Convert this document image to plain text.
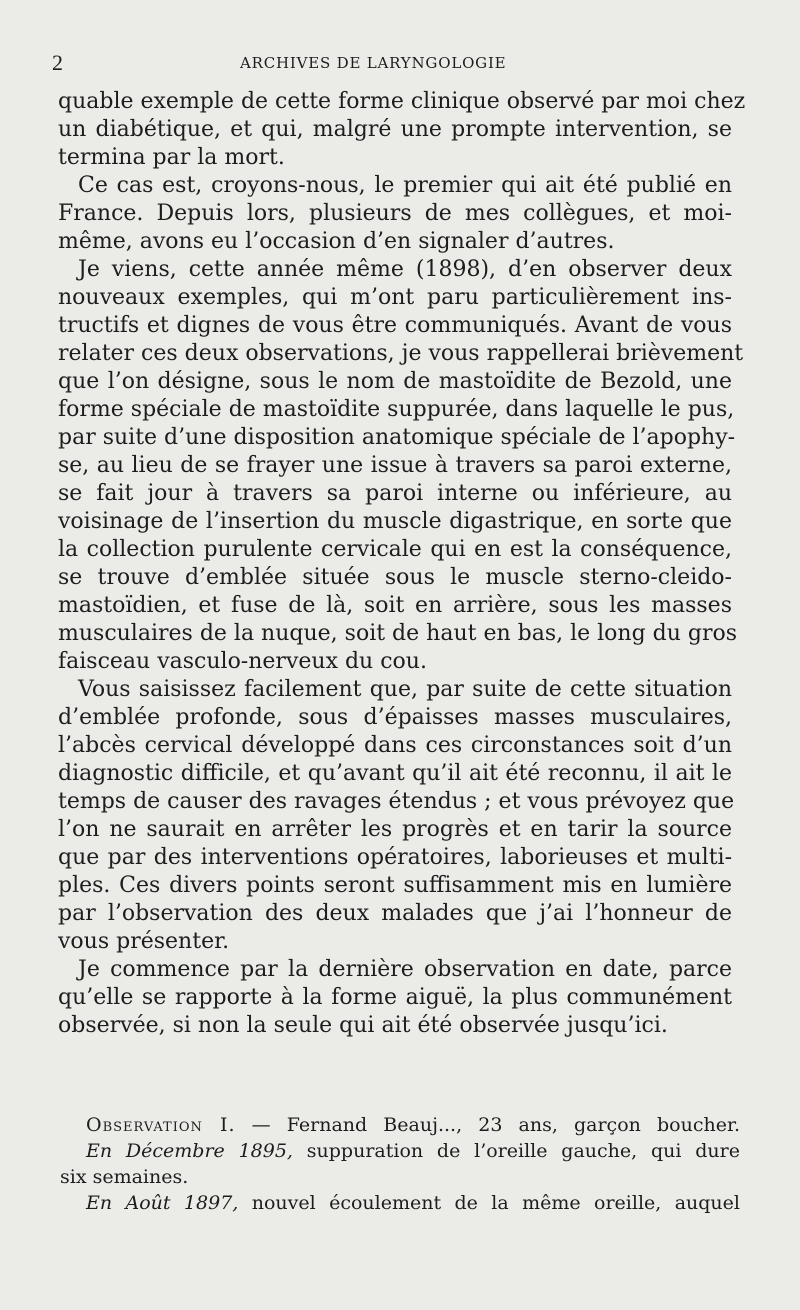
2	ARCHIVES DE LARYNGOLOGIE
quable exemple de cette forme clinique observé par moi chez
un diabétique, et qui, malgré une prompte intervention, se
termina par la mort.
Ce cas est, croyons-nous, le premier qui ait été publié en
France. Depuis lors, plusieurs de mes collègues, et moi-
même, avons eu l’occasion d’en signaler d’autres.
Je viens, cette année même (1898), d’en observer deux
nouveaux exemples, qui m’ont paru particulièrement ins-
tructifs et dignes de vous être communiqués. Avant de vous
relater ces deux observations, je vous rappellerai brièvement
que l’on désigne, sous le nom de mastoïdite de Bezold, une
forme spéciale de mastoïdite suppurée, dans laquelle le pus,
par suite d’une disposition anatomique spéciale de l’apophy-
se, au lieu de se frayer une issue à travers sa paroi externe,
se fait jour à travers sa paroi interne ou inférieure, au
voisinage de l’insertion du muscle digastrique, en sorte que
la collection purulente cervicale qui en est la conséquence,
se trouve d’emblée située sous le muscle sterno-cleido-
mastoïdien, et fuse de là, soit en arrière, sous les masses
musculaires de la nuque, soit de haut en bas, le long du gros
faisceau vasculo-nerveux du cou.
Vous saisissez facilement que, par suite de cette situation
d’emblée profonde, sous d’épaisses masses musculaires,
l’abcès cervical développé dans ces circonstances soit d’un
diagnostic difficile, et qu’avant qu’il ait été reconnu, il ait le
temps de causer des ravages étendus ; et vous prévoyez que
l’on ne saurait en arrêter les progrès et en tarir la source
que par des interventions opératoires, laborieuses et multi-
ples. Ces divers points seront suffisamment mis en lumière
par l’observation des deux malades que j’ai l’honneur de
vous présenter.
Je commence par la dernière observation en date, parce
qu’elle se rapporte à la forme aiguë, la plus communément
observée, si non la seule qui ait été observée jusqu’ici.
Observation I. — Fernand Beauj..., 23 ans, garçon boucher.
En Décembre 1895, suppuration de l’oreille gauche, qui dure
six semaines.
En Août 1897, nouvel écoulement de la même oreille, auquel
